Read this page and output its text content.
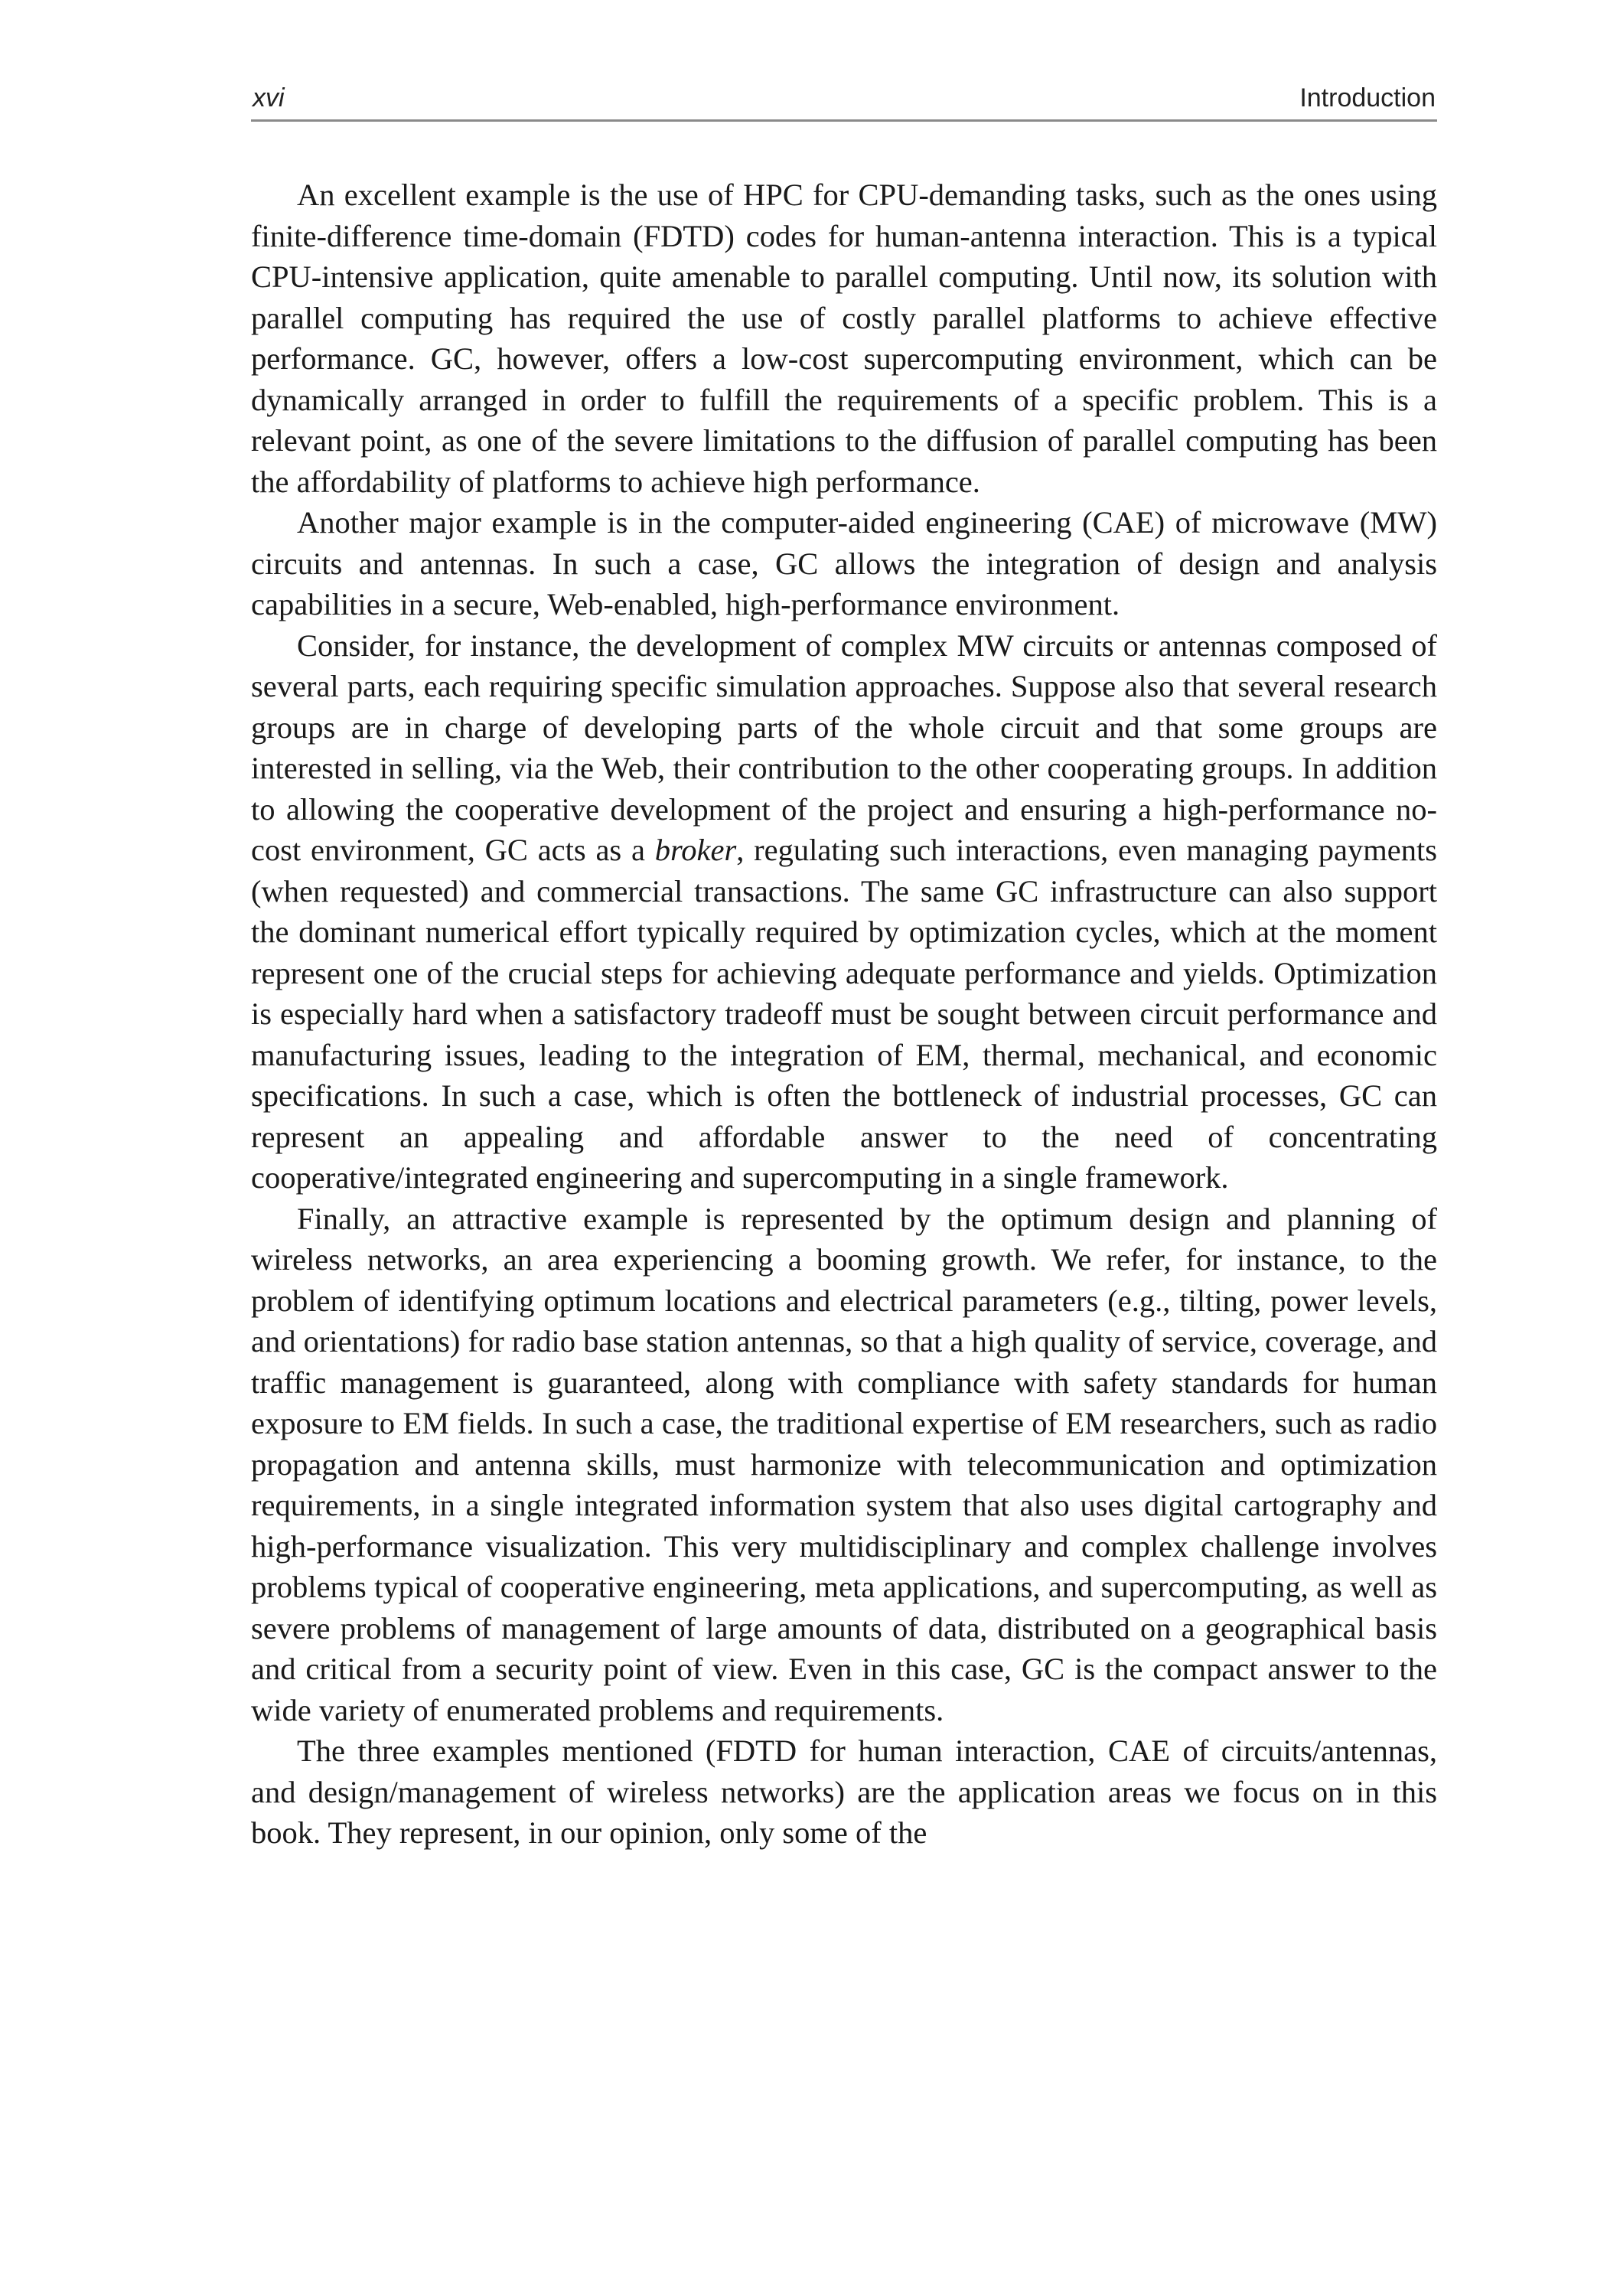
xvi	Introduction

An excellent example is the use of HPC for CPU-demanding tasks, such as the ones using finite-difference time-domain (FDTD) codes for human-antenna interaction. This is a typical CPU-intensive application, quite amenable to parallel computing. Until now, its solution with parallel computing has required the use of costly parallel platforms to achieve effective performance. GC, however, offers a low-cost supercomputing environment, which can be dynamically arranged in order to fulfill the requirements of a specific problem. This is a relevant point, as one of the severe limitations to the diffusion of parallel computing has been the affordability of platforms to achieve high performance.

Another major example is in the computer-aided engineering (CAE) of microwave (MW) circuits and antennas. In such a case, GC allows the integration of design and analysis capabilities in a secure, Web-enabled, high-performance environment.

Consider, for instance, the development of complex MW circuits or antennas composed of several parts, each requiring specific simulation approaches. Suppose also that several research groups are in charge of developing parts of the whole circuit and that some groups are interested in selling, via the Web, their contribution to the other cooperating groups. In addition to allowing the cooperative development of the project and ensuring a high-performance no-cost environment, GC acts as a broker, regulating such interactions, even managing payments (when requested) and commercial transactions. The same GC infrastructure can also support the dominant numerical effort typically required by optimization cycles, which at the moment represent one of the crucial steps for achieving adequate performance and yields. Optimization is especially hard when a satisfactory tradeoff must be sought between circuit performance and manufacturing issues, leading to the integration of EM, thermal, mechanical, and economic specifications. In such a case, which is often the bottleneck of industrial processes, GC can represent an appealing and affordable answer to the need of concentrating cooperative/integrated engineering and supercomputing in a single framework.

Finally, an attractive example is represented by the optimum design and planning of wireless networks, an area experiencing a booming growth. We refer, for instance, to the problem of identifying optimum locations and electrical parameters (e.g., tilting, power levels, and orientations) for radio base station antennas, so that a high quality of service, coverage, and traffic management is guaranteed, along with compliance with safety standards for human exposure to EM fields. In such a case, the traditional expertise of EM researchers, such as radio propagation and antenna skills, must harmonize with telecommunication and optimization requirements, in a single integrated information system that also uses digital cartography and high-performance visualization. This very multidisciplinary and complex challenge involves problems typical of cooperative engineering, meta applications, and supercomputing, as well as severe problems of management of large amounts of data, distributed on a geographical basis and critical from a security point of view. Even in this case, GC is the compact answer to the wide variety of enumerated problems and requirements.

The three examples mentioned (FDTD for human interaction, CAE of circuits/antennas, and design/management of wireless networks) are the application areas we focus on in this book. They represent, in our opinion, only some of the
